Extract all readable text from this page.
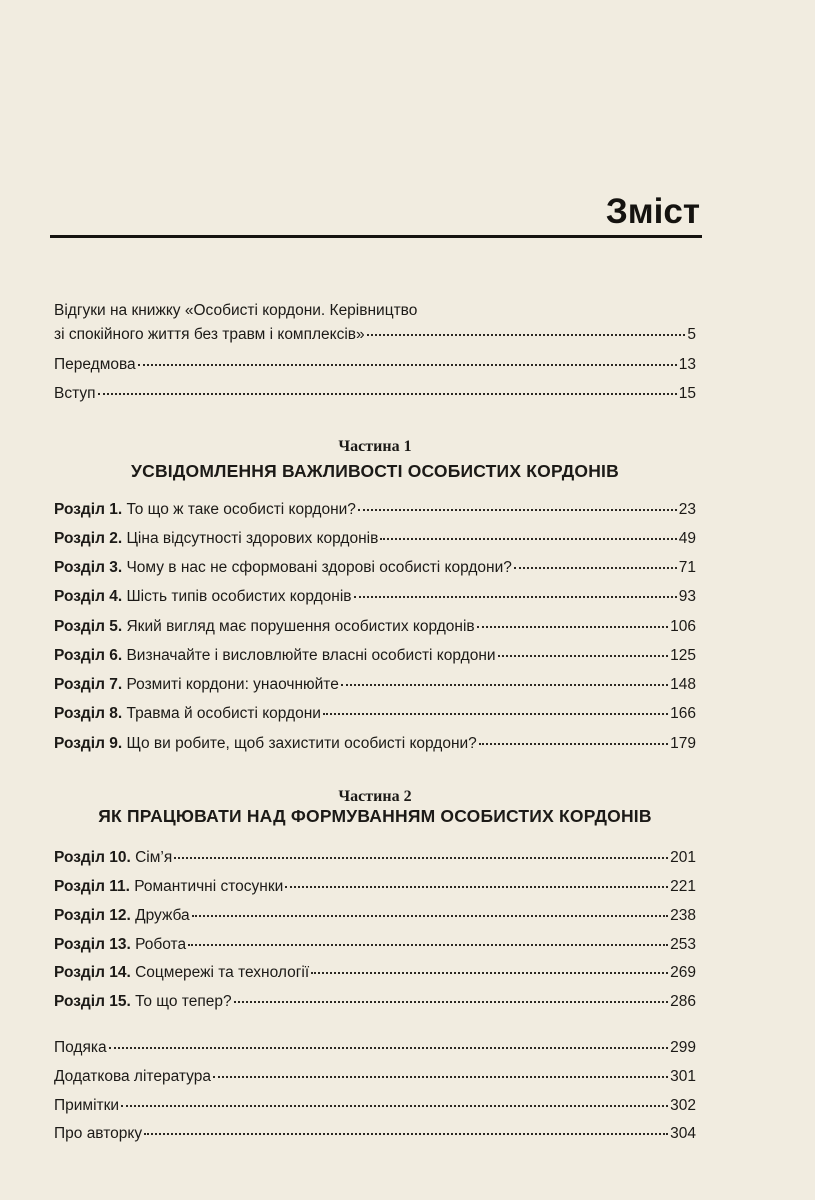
Зміст
Відгуки на книжку «Особисті кордони. Керівництво
зі спокійного життя без травм і комплексів»	5
Передмова	13
Вступ	15
Частина 1
УСВІДОМЛЕННЯ ВАЖЛИВОСТІ ОСОБИСТИХ КОРДОНІВ
Розділ 1. То що ж таке особисті кордони?	23
Розділ 2. Ціна відсутності здорових кордонів	49
Розділ 3. Чому в нас не сформовані здорові особисті кордони?	71
Розділ 4. Шість типів особистих кордонів	93
Розділ 5. Який вигляд має порушення особистих кордонів	106
Розділ 6. Визначайте і висловлюйте власні особисті кордони	125
Розділ 7. Розмиті кордони: унаочнюйте	148
Розділ 8. Травма й особисті кордони	166
Розділ 9. Що ви робите, щоб захистити особисті кордони?	179
Частина 2
ЯК ПРАЦЮВАТИ НАД ФОРМУВАННЯМ ОСОБИСТИХ КОРДОНІВ
Розділ 10. Сім’я	201
Розділ 11. Романтичні стосунки	221
Розділ 12. Дружба	238
Розділ 13. Робота	253
Розділ 14. Соцмережі та технології	269
Розділ 15. То що тепер?	286
Подяка	299
Додаткова література	301
Примітки	302
Про авторку	304
